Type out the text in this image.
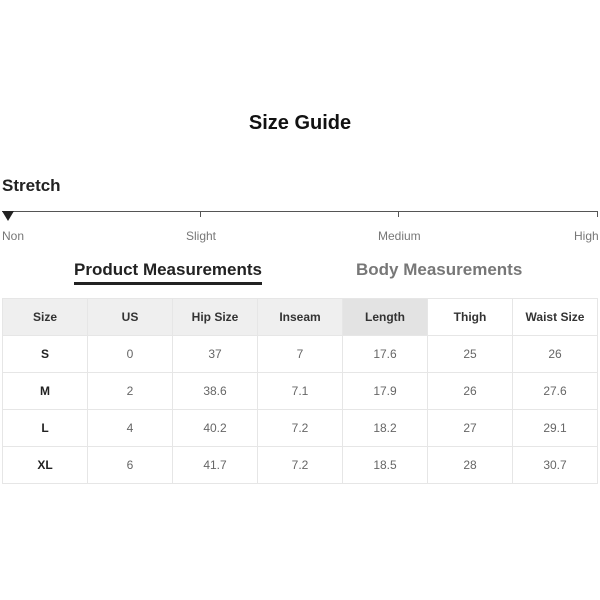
Size Guide
Stretch
Non	Slight	Medium	High
Product Measurements	Body Measurements
Size	US	Hip Size	Inseam	Length	Thigh	Waist Size
S	0	37	7	17.6	25	26
M	2	38.6	7.1	17.9	26	27.6
L	4	40.2	7.2	18.2	27	29.1
XL	6	41.7	7.2	18.5	28	30.7
